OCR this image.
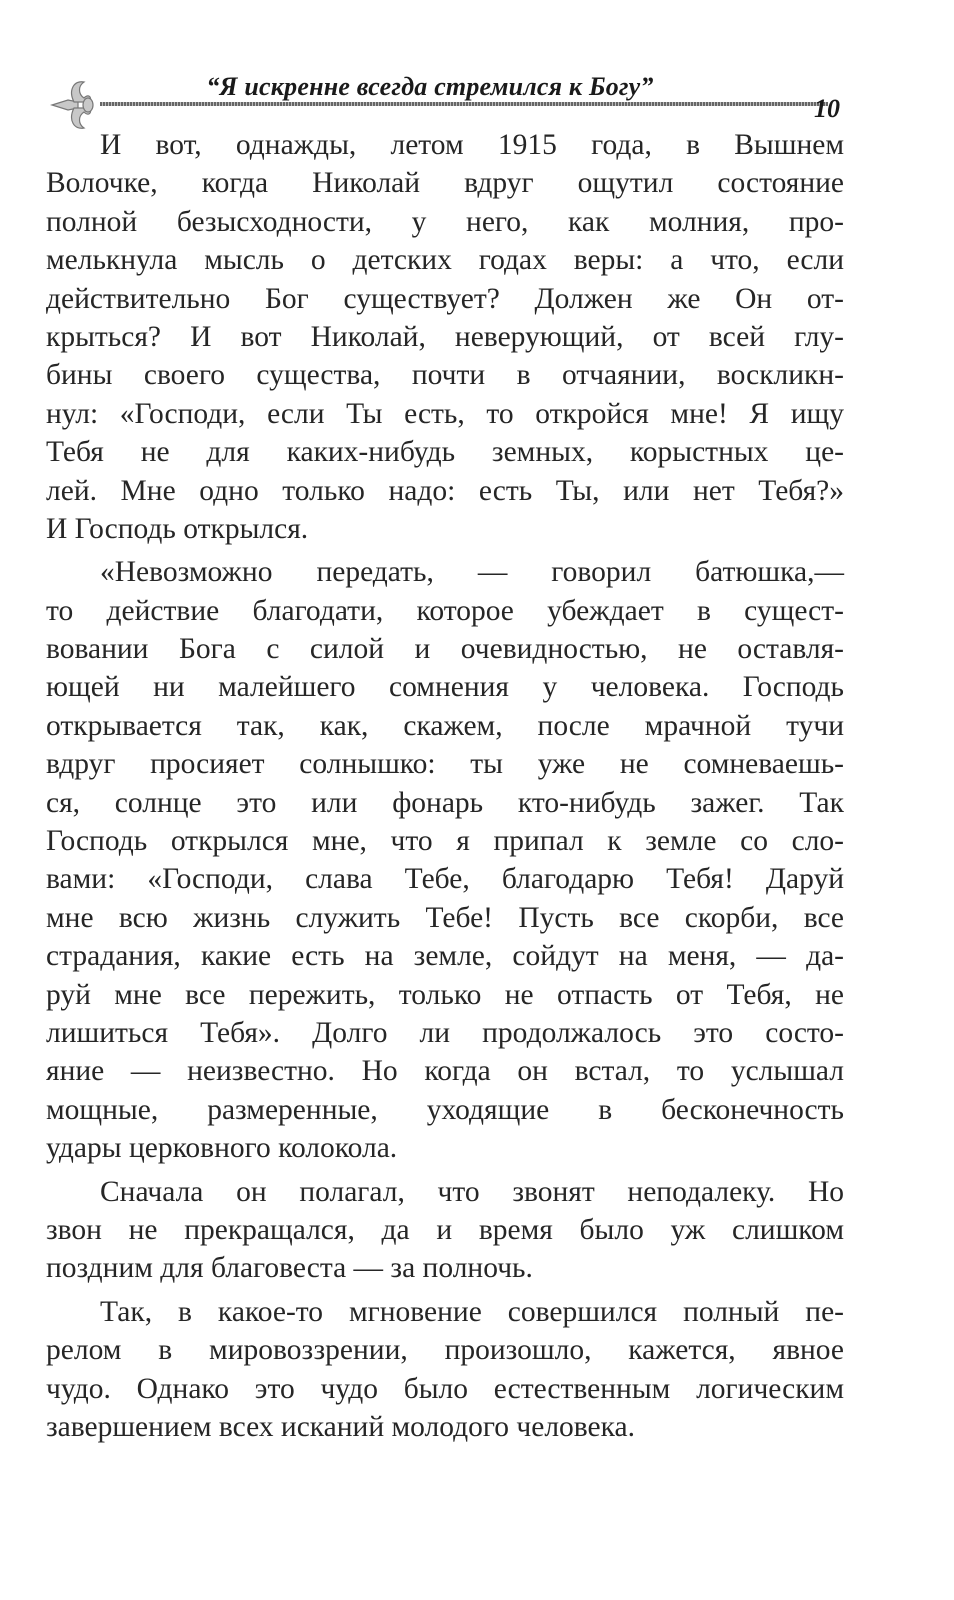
“Я искренне всегда стремился к Богу”
10
И вот, однажды, летом 1915 года, в Вышнем
Волочке, когда Николай вдруг ощутил состояние
полной безысходности, у него, как молния, про-
мелькнула мысль о детских годах веры: а что, если
действительно Бог существует? Должен же Он от-
крыться? И вот Николай, неверующий, от всей глу-
бины своего существа, почти в отчаянии, воскликн-
нул: «Господи, если Ты есть, то откройся мне! Я ищу
Тебя не для каких-нибудь земных, корыстных це-
лей. Мне одно только надо: есть Ты, или нет Тебя?»
И Господь открылся.
«Невозможно передать, — говорил батюшка,—
то действие благодати, которое убеждает в сущест-
вовании Бога с силой и очевидностью, не оставля-
ющей ни малейшего сомнения у человека. Господь
открывается так, как, скажем, после мрачной тучи
вдруг просияет солнышко: ты уже не сомневаешь-
ся, солнце это или фонарь кто-нибудь зажег. Так
Господь открылся мне, что я припал к земле со сло-
вами: «Господи, слава Тебе, благодарю Тебя! Даруй
мне всю жизнь служить Тебе! Пусть все скорби, все
страдания, какие есть на земле, сойдут на меня, — да-
руй мне все пережить, только не отпасть от Тебя, не
лишиться Тебя». Долго ли продолжалось это состо-
яние — неизвестно. Но когда он встал, то услышал
мощные, размеренные, уходящие в бесконечность
удары церковного колокола.
Сначала он полагал, что звонят неподалеку. Но
звон не прекращался, да и время было уж слишком
поздним для благовеста — за полночь.
Так, в какое-то мгновение совершился полный пе-
релом в мировоззрении, произошло, кажется, явное
чудо. Однако это чудо было естественным логическим
завершением всех исканий молодого человека.
